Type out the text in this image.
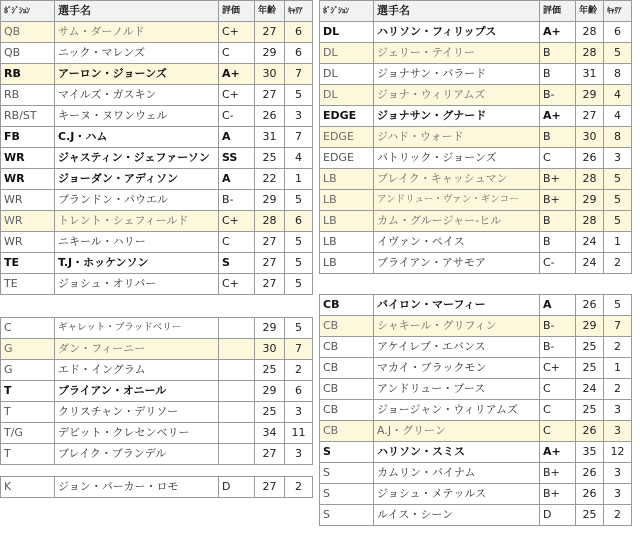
ﾎﾟｼﾞｼｮﾝ	選手名	評価	年齢	ｷｬﾘｱ
QB	サム・ダーノルド	C+	27	6
QB	ニック・マレンズ	C	29	6
RB	アーロン・ジョーンズ	A+	30	7
RB	マイルズ・ガスキン	C+	27	5
RB/ST	キーヌ・ヌワンウェル	C-	26	3
FB	C.J・ハム	A	31	7
WR	ジャスティン・ジェファーソン	SS	25	4
WR	ジョーダン・アディソン	A	22	1
WR	ブランドン・パウエル	B-	29	5
WR	トレント・シェフィールド	C+	28	6
WR	ニキール・ハリー	C	27	5
TE	T.J・ホッケンソン	S	27	5
TE	ジョシュ・オリバー	C+	27	5
C	ギャレット・ブラッドベリー		29	5
G	ダン・フィーニー		30	7
G	エド・イングラム		25	2
T	ブライアン・オニール		29	6
T	クリスチャン・デリソー		25	3
T/G	デビット・クレセンベリー		34	11
T	ブレイク・ブランデル		27	3
K	ジョン・パーカー・ロモ	D	27	2
ﾎﾟｼﾞｼｮﾝ	選手名	評価	年齢	ｷｬﾘｱ
DL	ハリソン・フィリップス	A+	28	6
DL	ジェリー・テイリー	B	28	5
DL	ジョナサン・バラード	B	31	8
DL	ジョナ・ウィリアムズ	B-	29	4
EDGE	ジョナサン・グナード	A+	27	4
EDGE	ジハド・ウォード	B	30	8
EDGE	パトリック・ジョーンズ	C	26	3
LB	ブレイク・キャッシュマン	B+	28	5
LB	アンドリュー・ヴァン・ギンコー	B+	29	5
LB	カム・グルージャー-ヒル	B	28	5
LB	イヴァン・ペイス	B	24	1
LB	ブライアン・アサモア	C-	24	2
CB	バイロン・マーフィー	A	26	5
CB	シャキール・グリフィン	B-	29	7
CB	アケイレブ・エバンス	B-	25	2
CB	マカイ・ブラックモン	C+	25	1
CB	アンドリュー・ブース	C	24	2
CB	ジョージャン・ウィリアムズ	C	25	3
CB	A.J・グリーン	C	26	3
S	ハリソン・スミス	A+	35	12
S	カムリン・バイナム	B+	26	3
S	ジョシュ・メテッルス	B+	26	3
S	ルイス・シーン	D	25	2
